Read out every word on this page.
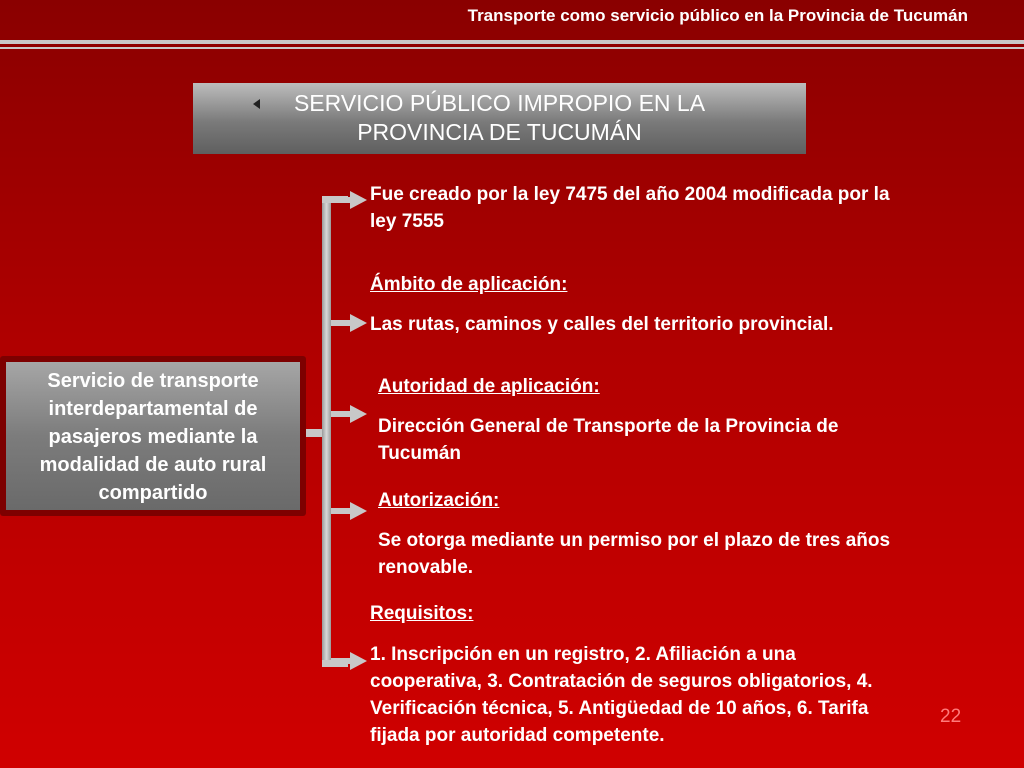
Transporte como servicio público en la Provincia de Tucumán
SERVICIO PÚBLICO IMPROPIO EN LA
PROVINCIA DE TUCUMÁN
Servicio de transporte
interdepartamental de
pasajeros mediante la
modalidad de auto rural
compartido
Fue creado por la ley 7475 del año 2004 modificada por la
ley 7555
Ámbito de aplicación:
Las rutas, caminos y calles del territorio provincial.
Autoridad de aplicación:
Dirección General de Transporte de la Provincia de
Tucumán
Autorización:
Se otorga mediante un permiso por el plazo de tres años
renovable.
Requisitos:
1. Inscripción en un registro, 2. Afiliación a una
cooperativa, 3. Contratación de seguros obligatorios, 4.
Verificación técnica, 5. Antigüedad de 10 años, 6. Tarifa
fijada por autoridad competente.
22
